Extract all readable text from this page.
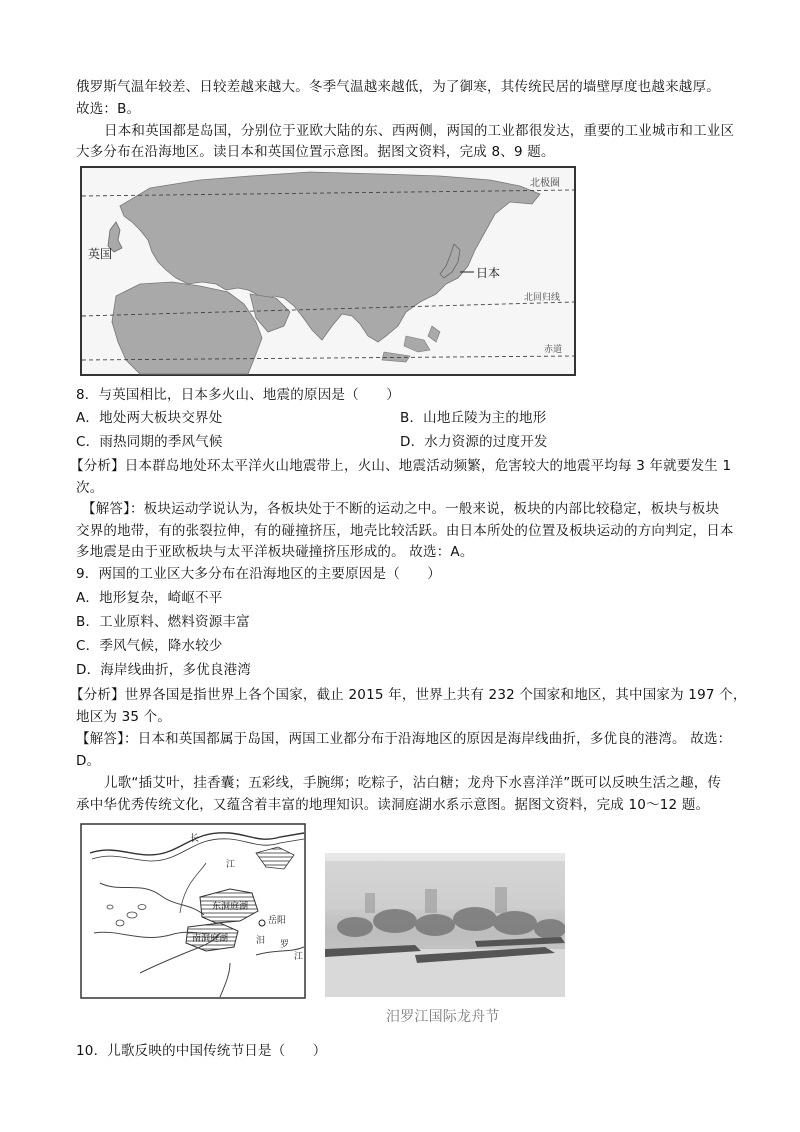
俄罗斯气温年较差、日较差越来越大。冬季气温越来越低，为了御寒，其传统民居的墙壁厚度也越来越厚。
故选：B。
日本和英国都是岛国，分别位于亚欧大陆的东、西两侧，两国的工业都很发达，重要的工业城市和工业区
大多分布在沿海地区。读日本和英国位置示意图。据图文资料，完成 8、9 题。
英国
日本
北极圈
北回归线
赤道
8．与英国相比，日本多火山、地震的原因是（　　）
A．地处两大板块交界处	B．山地丘陵为主的地形
C．雨热同期的季风气候	D．水力资源的过度开发
【分析】日本群岛地处环太平洋火山地震带上，火山、地震活动频繁，危害较大的地震平均每 3 年就要发生 1
次。
【解答】：板块运动学说认为，各板块处于不断的运动之中。一般来说，板块的内部比较稳定，板块与板块
交界的地带，有的张裂拉伸，有的碰撞挤压，地壳比较活跃。由日本所处的位置及板块运动的方向判定，日本
多地震是由于亚欧板块与太平洋板块碰撞挤压形成的。 故选：A。
9．两国的工业区大多分布在沿海地区的主要原因是（　　）
A．地形复杂，崎岖不平
B．工业原料、燃料资源丰富
C．季风气候，降水较少
D．海岸线曲折，多优良港湾
【分析】世界各国是指世界上各个国家，截止 2015 年，世界上共有 232 个国家和地区，其中国家为 197 个，
地区为 35 个。
【解答】：日本和英国都属于岛国，两国工业都分布于沿海地区的原因是海岸线曲折，多优良的港湾。 故选：
D。
儿歌“插艾叶，挂香囊；五彩线，手腕绑；吃粽子，沾白糖；龙舟下水喜洋洋”既可以反映生活之趣，传
承中华优秀传统文化，又蕴含着丰富的地理知识。读洞庭湖水系示意图。据图文资料，完成 10～12 题。
长
江
岳阳
东洞庭湖
南洞庭湖	汨 罗
江
汨罗江国际龙舟节
10．儿歌反映的中国传统节日是（　　）
